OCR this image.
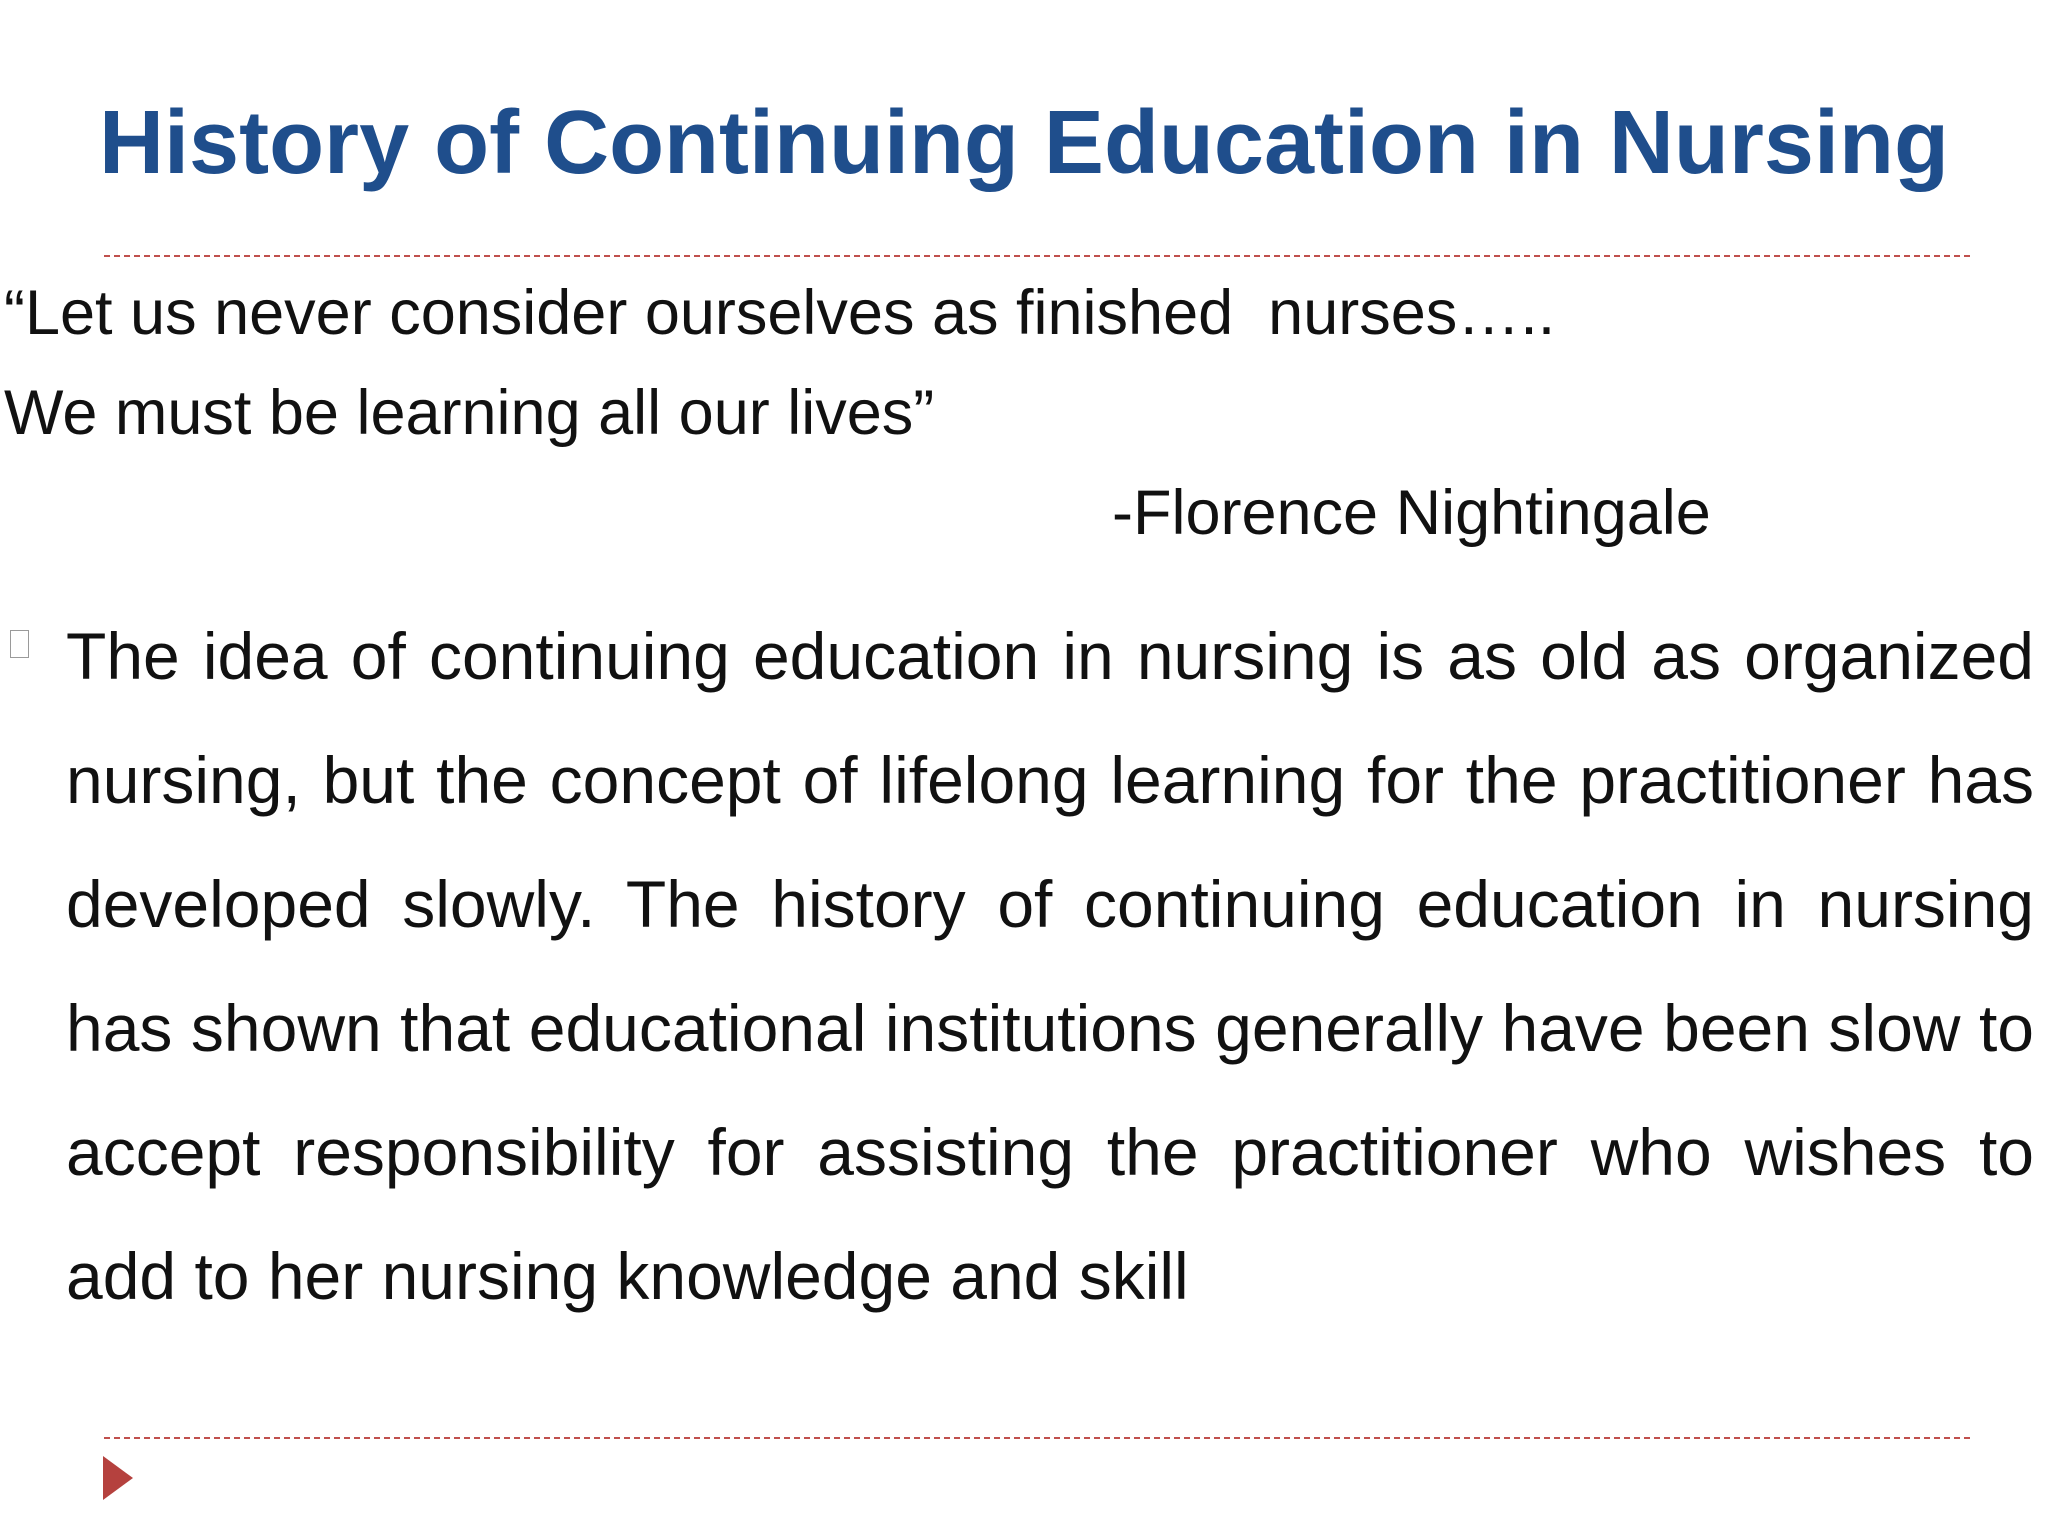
History of Continuing Education in Nursing

“Let us never consider ourselves as finished  nurses…..

We must be learning all our lives”

-Florence Nightingale

The idea of continuing education in nursing is as old as organized nursing, but the concept of lifelong learning for the practitioner has developed slowly. The history of continuing education in nursing has shown that educational institutions generally have been slow to accept responsibility for assisting the practitioner who wishes to add to her nursing knowledge and skill
